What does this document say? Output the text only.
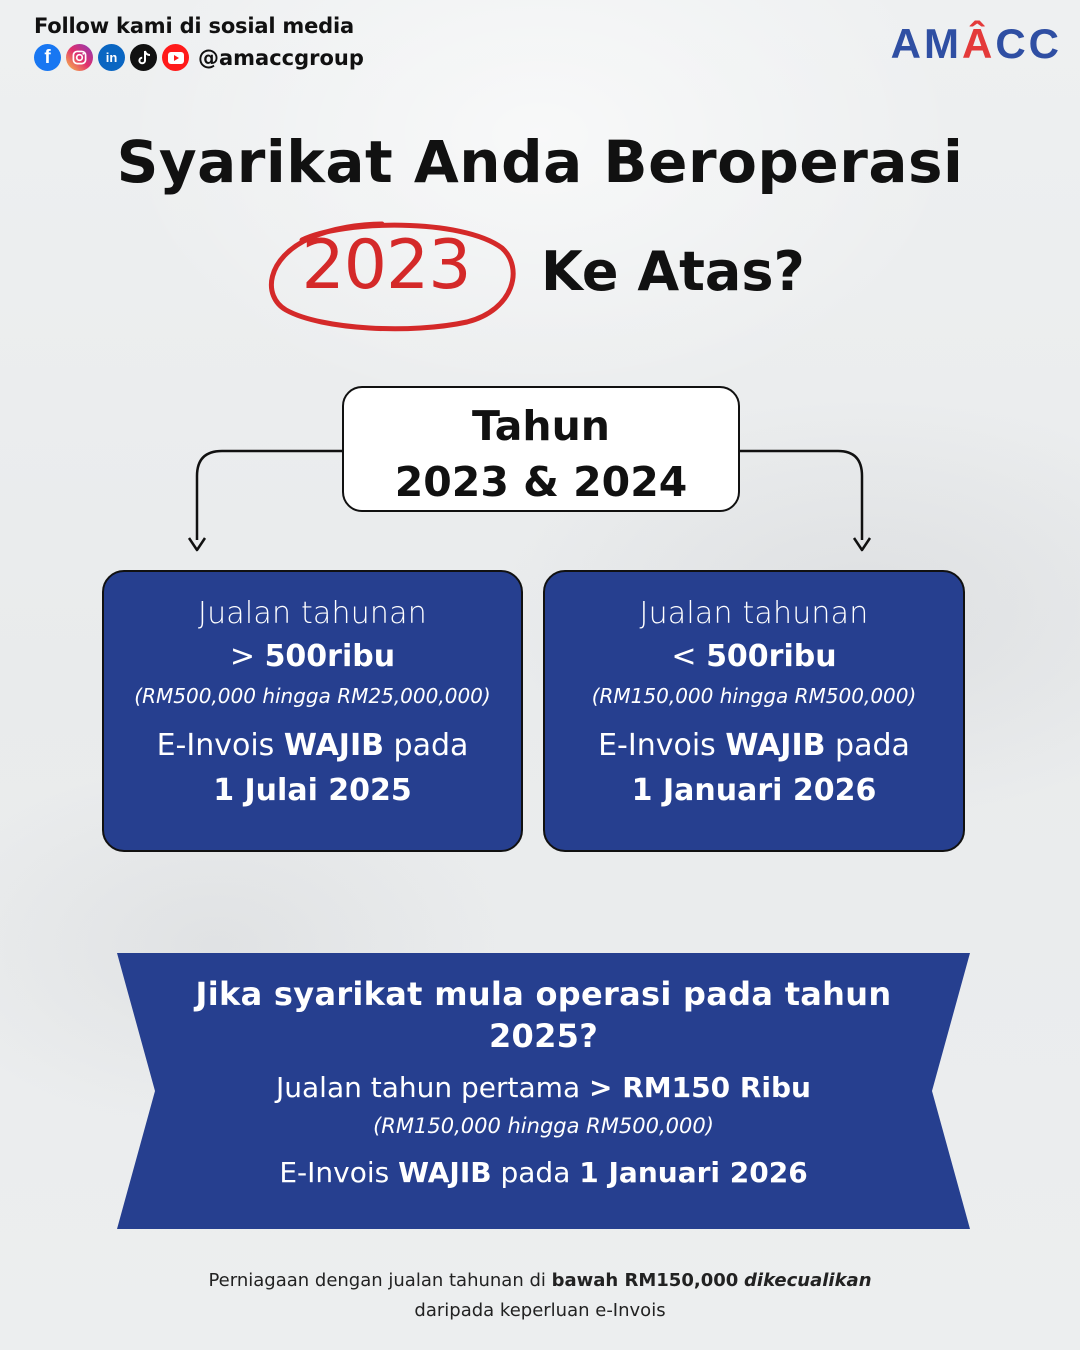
Follow kami di sosial media
f	in	@amaccgroup	AMÂCC
Syarikat Anda Beroperasi
2023	Ke Atas?
Tahun
2023 & 2024
Jualan tahunan
> 500ribu
(RM500,000 hingga RM25,000,000)
E-Invois WAJIB pada
1 Julai 2025
Jualan tahunan
< 500ribu
(RM150,000 hingga RM500,000)
E-Invois WAJIB pada
1 Januari 2026
Jika syarikat mula operasi pada tahun 2025?
Jualan tahun pertama > RM150 Ribu
(RM150,000 hingga RM500,000)
E-Invois WAJIB pada 1 Januari 2026
Perniagaan dengan jualan tahunan di bawah RM150,000 dikecualikan
daripada keperluan e-Invois
